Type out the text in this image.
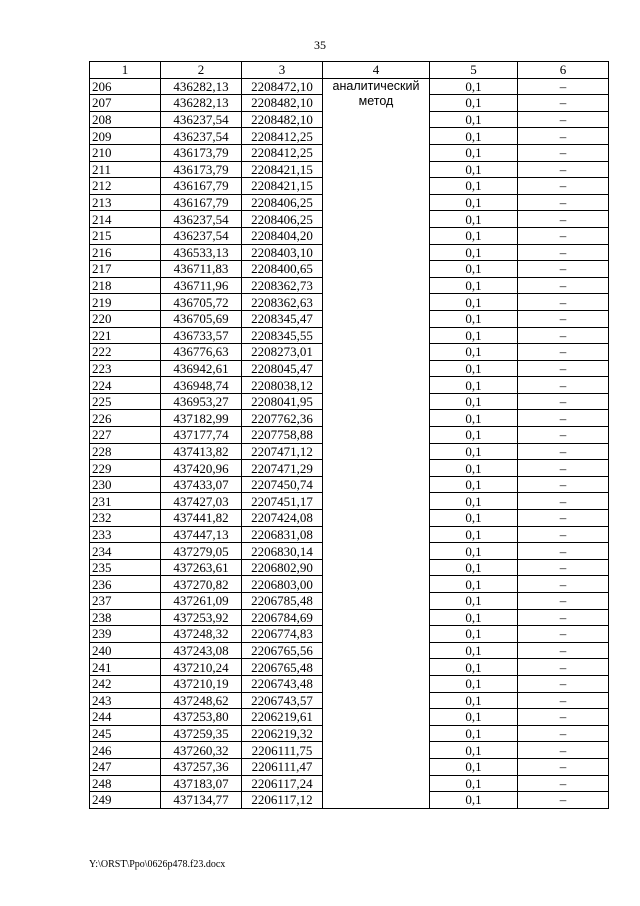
35
1	2	3	4	5	6
206	436282,13	2208472,10	аналитический метод	0,1	–
207	436282,13	2208482,10		0,1	–
208	436237,54	2208482,10		0,1	–
209	436237,54	2208412,25		0,1	–
210	436173,79	2208412,25		0,1	–
211	436173,79	2208421,15		0,1	–
212	436167,79	2208421,15		0,1	–
213	436167,79	2208406,25		0,1	–
214	436237,54	2208406,25		0,1	–
215	436237,54	2208404,20		0,1	–
216	436533,13	2208403,10		0,1	–
217	436711,83	2208400,65		0,1	–
218	436711,96	2208362,73		0,1	–
219	436705,72	2208362,63		0,1	–
220	436705,69	2208345,47		0,1	–
221	436733,57	2208345,55		0,1	–
222	436776,63	2208273,01		0,1	–
223	436942,61	2208045,47		0,1	–
224	436948,74	2208038,12		0,1	–
225	436953,27	2208041,95		0,1	–
226	437182,99	2207762,36		0,1	–
227	437177,74	2207758,88		0,1	–
228	437413,82	2207471,12		0,1	–
229	437420,96	2207471,29		0,1	–
230	437433,07	2207450,74		0,1	–
231	437427,03	2207451,17		0,1	–
232	437441,82	2207424,08		0,1	–
233	437447,13	2206831,08		0,1	–
234	437279,05	2206830,14		0,1	–
235	437263,61	2206802,90		0,1	–
236	437270,82	2206803,00		0,1	–
237	437261,09	2206785,48		0,1	–
238	437253,92	2206784,69		0,1	–
239	437248,32	2206774,83		0,1	–
240	437243,08	2206765,56		0,1	–
241	437210,24	2206765,48		0,1	–
242	437210,19	2206743,48		0,1	–
243	437248,62	2206743,57		0,1	–
244	437253,80	2206219,61		0,1	–
245	437259,35	2206219,32		0,1	–
246	437260,32	2206111,75		0,1	–
247	437257,36	2206111,47		0,1	–
248	437183,07	2206117,24		0,1	–
249	437134,77	2206117,12		0,1	–
Y:\ORST\Ppo\0626p478.f23.docx
